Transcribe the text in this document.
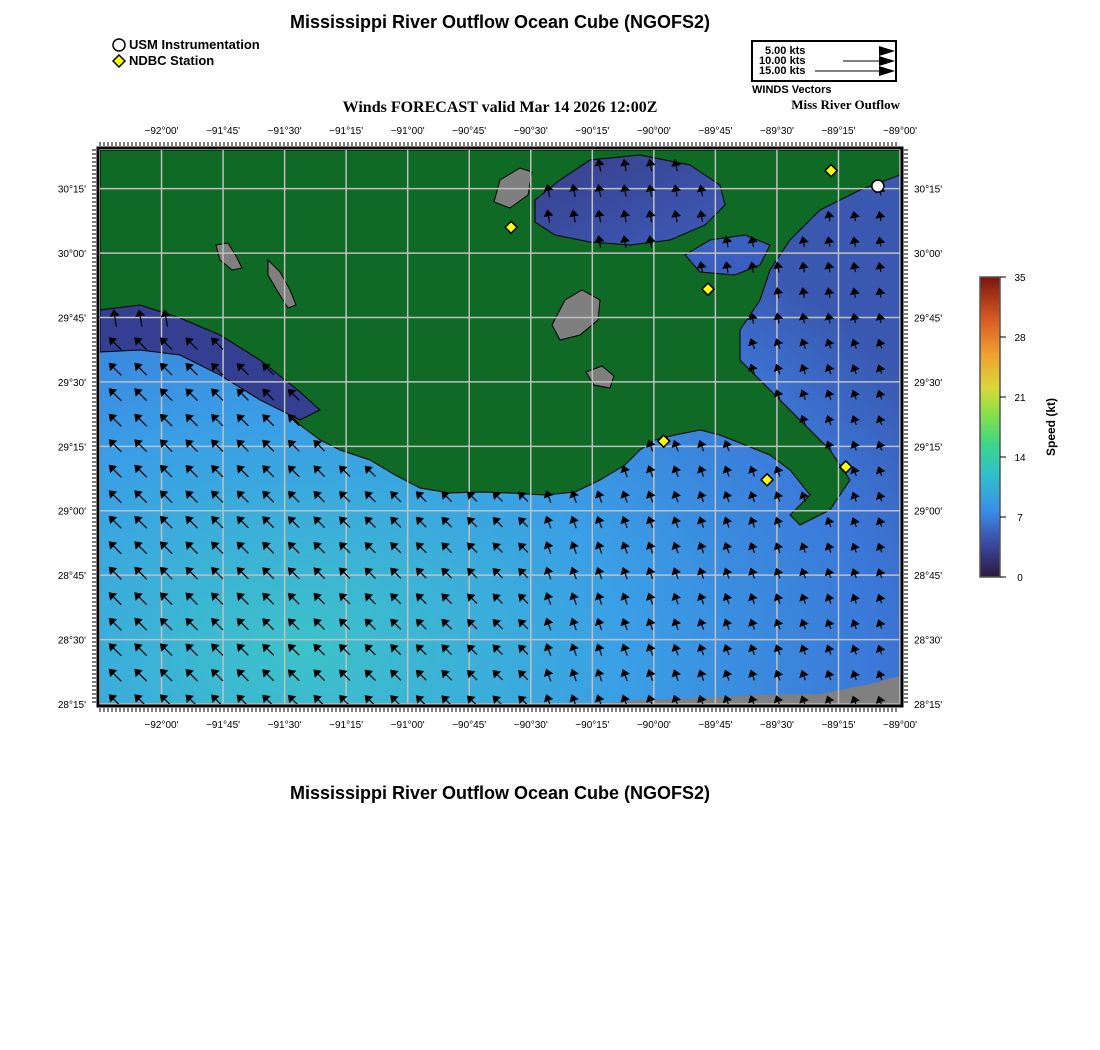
Mississippi River Outflow Ocean Cube (NGOFS2)
USM Instrumentation
NDBC Station
5.00 kts
10.00 kts
15.00 kts
WINDS Vectors
Winds FORECAST valid Mar 14 2026 12:00Z	Miss River Outflow
−92°00'	−91°45'	−91°30'	−91°15'	−91°00'	−90°45'	−90°30'	−90°15'	−90°00'	−89°45'	−89°30'	−89°15'	−89°00'
−92°00'	−91°45'	−91°30'	−91°15'	−91°00'	−90°45'	−90°30'	−90°15'	−90°00'	−89°45'	−89°30'	−89°15'	−89°00'
30°15'
30°00'
29°45'
29°30'
29°15'
29°00'
28°45'
28°30'
28°15'
30°15'
30°00'
29°45'
29°30'
29°15'
29°00'
28°45'
28°30'
28°15'
35
28
21
14
7
0
Speed (kt)
Mississippi River Outflow Ocean Cube (NGOFS2)
